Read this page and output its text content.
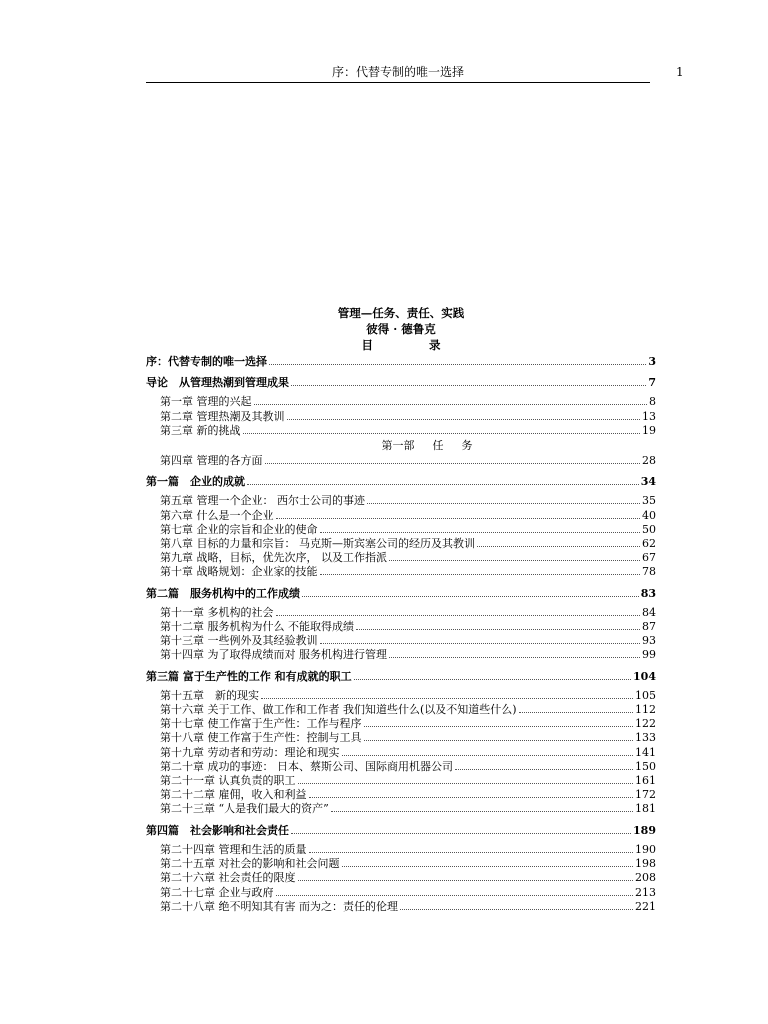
序：代替专制的唯一选择	1
管理—任务、责任、实践
彼得 · 德鲁克
目	录
序：代替专制的唯一选择	3
导论　从管理热潮到管理成果	7
第一章 管理的兴起	8
第二章 管理热潮及其教训	13
第三章 新的挑战	19
第一部 任 务
第四章 管理的各方面	28
第一篇　企业的成就	34
第五章 管理一个企业： 西尔士公司的事迹	35
第六章 什么是一个企业	40
第七章 企业的宗旨和企业的使命	50
第八章 目标的力量和宗旨： 马克斯—斯宾塞公司的经历及其教训	62
第九章 战略，目标，优先次序， 以及工作指派	67
第十章 战略规划：企业家的技能	78
第二篇　服务机构中的工作成绩	83
第十一章 多机构的社会	84
第十二章 服务机构为什么 不能取得成绩	87
第十三章 一些例外及其经验教训	93
第十四章 为了取得成绩而对 服务机构进行管理	99
第三篇 富于生产性的工作 和有成就的职工	104
第十五章　新的现实	105
第十六章 关于工作、做工作和工作者 我们知道些什么(以及不知道些什么)	112
第十七章 使工作富于生产性：工作与程序	122
第十八章 使工作富于生产性：控制与工具	133
第十九章 劳动者和劳动：理论和现实	141
第二十章 成功的事迹： 日本、蔡斯公司、国际商用机器公司	150
第二十一章 认真负责的职工	161
第二十二章 雇佣，收入和利益	172
第二十三章 “人是我们最大的资产”	181
第四篇　社会影响和社会责任	189
第二十四章 管理和生活的质量	190
第二十五章 对社会的影响和社会问题	198
第二十六章 社会责任的限度	208
第二十七章 企业与政府	213
第二十八章 绝不明知其有害 而为之：责任的伦理	221
